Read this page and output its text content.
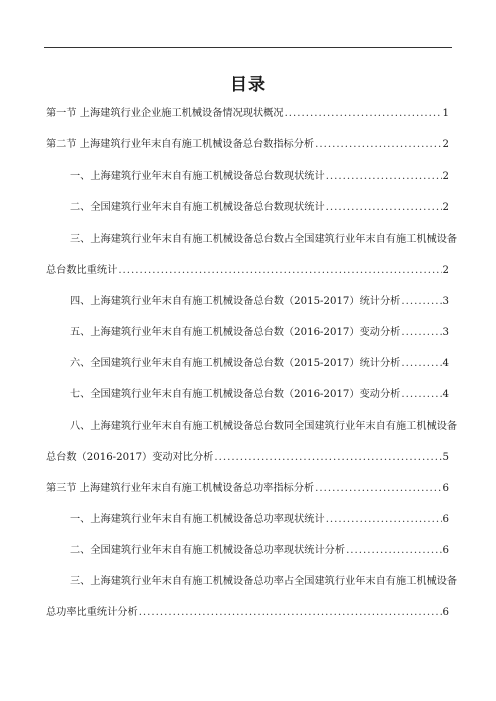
目录
第一节 上海建筑行业企业施工机械设备情况现状概况 .....	1
第二节 上海建筑行业年末自有施工机械设备总台数指标分析 .....	2
一、上海建筑行业年末自有施工机械设备总台数现状统计 .....	2
二、全国建筑行业年末自有施工机械设备总台数现状统计 .....	2
三、上海建筑行业年末自有施工机械设备总台数占全国建筑行业年末自有施工机械设备
总台数比重统计 .....	2
四、上海建筑行业年末自有施工机械设备总台数（2015-2017）统计分析 .....	3
五、上海建筑行业年末自有施工机械设备总台数（2016-2017）变动分析 .....	3
六、全国建筑行业年末自有施工机械设备总台数（2015-2017）统计分析 .....	4
七、全国建筑行业年末自有施工机械设备总台数（2016-2017）变动分析 .....	4
八、上海建筑行业年末自有施工机械设备总台数同全国建筑行业年末自有施工机械设备
总台数（2016-2017）变动对比分析 .....	5
第三节 上海建筑行业年末自有施工机械设备总功率指标分析 .....	6
一、上海建筑行业年末自有施工机械设备总功率现状统计 .....	6
二、全国建筑行业年末自有施工机械设备总功率现状统计分析 .....	6
三、上海建筑行业年末自有施工机械设备总功率占全国建筑行业年末自有施工机械设备
总功率比重统计分析 .....	6
